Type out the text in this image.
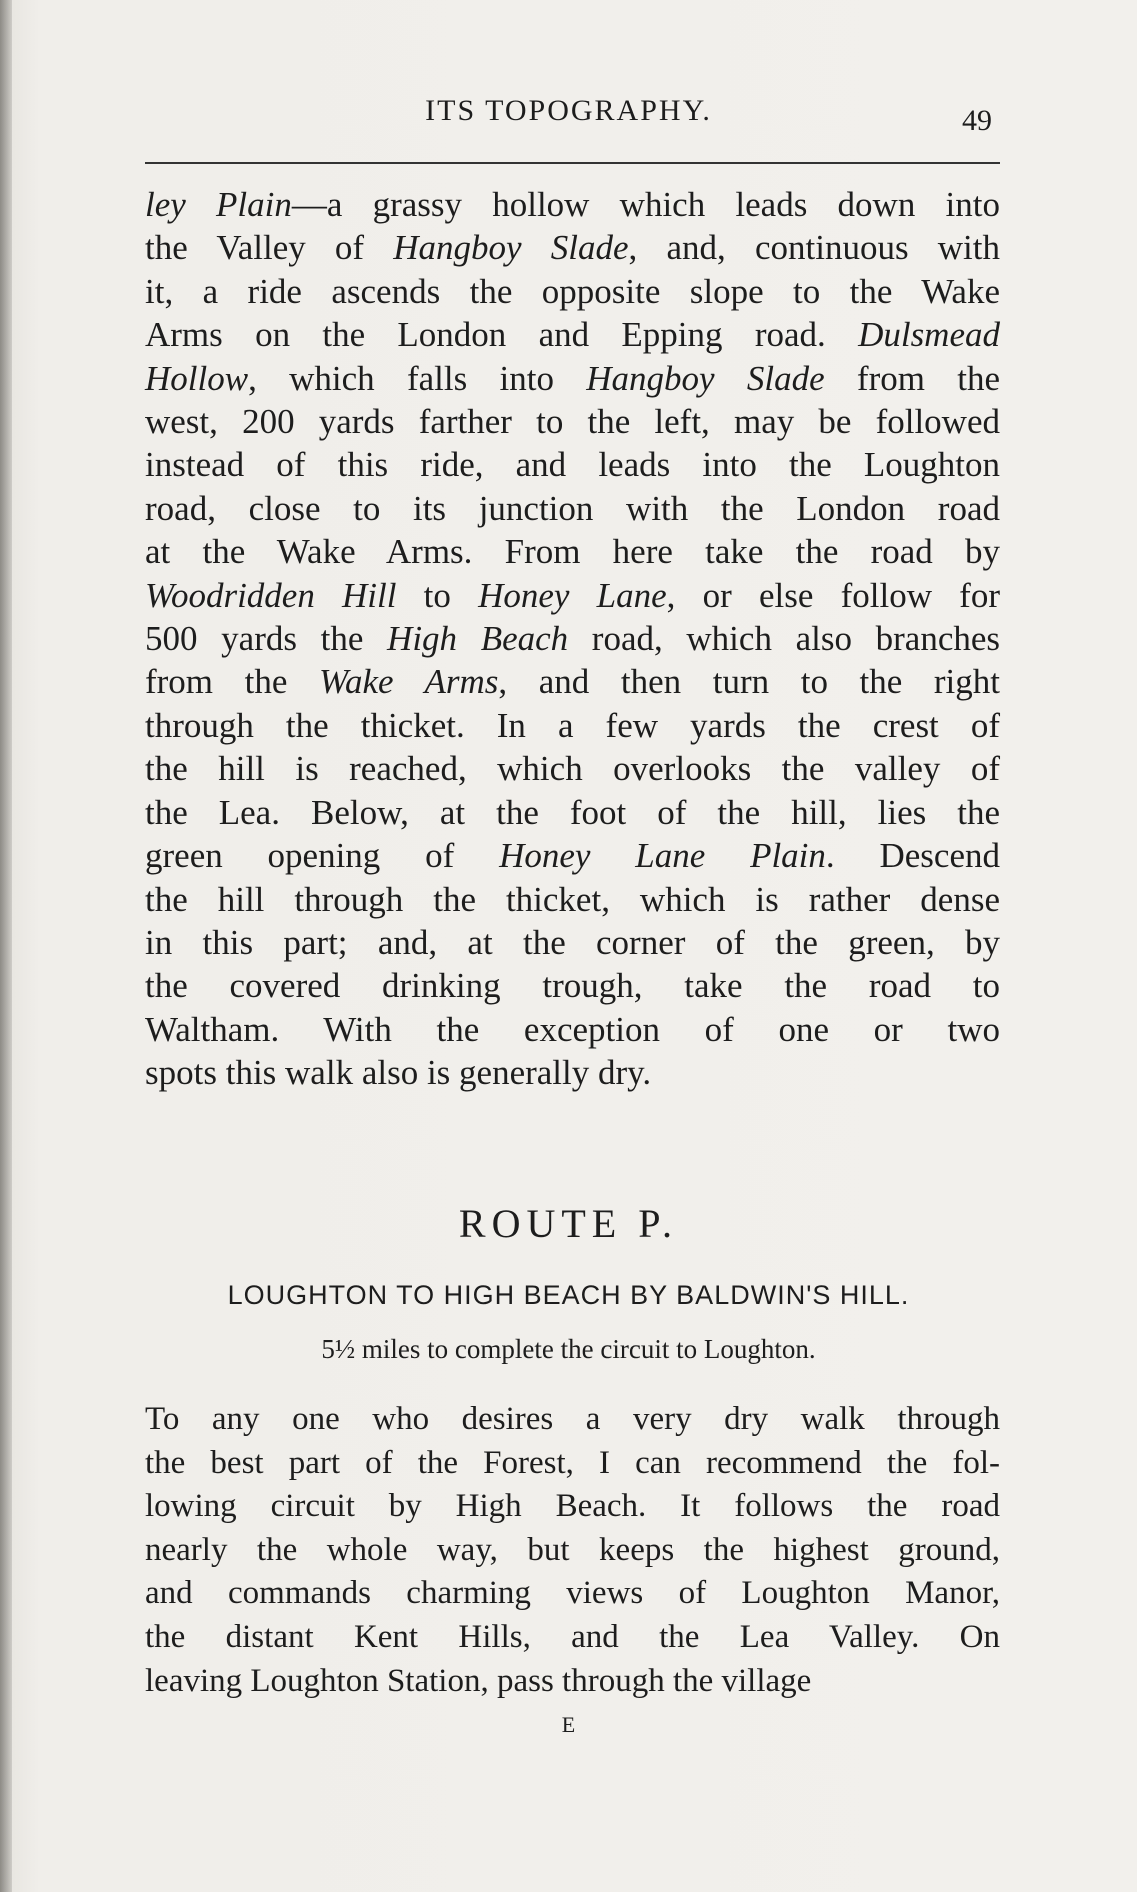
ITS TOPOGRAPHY.	49
ley Plain—a grassy hollow which leads down into
the Valley of Hangboy Slade, and, continuous with
it, a ride ascends the opposite slope to the Wake
Arms on the London and Epping road. Dulsmead
Hollow, which falls into Hangboy Slade from the
west, 200 yards farther to the left, may be followed
instead of this ride, and leads into the Loughton
road, close to its junction with the London road
at the Wake Arms. From here take the road by
Woodridden Hill to Honey Lane, or else follow for
500 yards the High Beach road, which also branches
from the Wake Arms, and then turn to the right
through the thicket. In a few yards the crest of
the hill is reached, which overlooks the valley of
the Lea. Below, at the foot of the hill, lies the
green opening of Honey Lane Plain. Descend
the hill through the thicket, which is rather dense
in this part; and, at the corner of the green, by
the covered drinking trough, take the road to
Waltham. With the exception of one or two
spots this walk also is generally dry.
ROUTE P.
LOUGHTON TO HIGH BEACH BY BALDWIN'S HILL.
5½ miles to complete the circuit to Loughton.
To any one who desires a very dry walk through
the best part of the Forest, I can recommend the fol-
lowing circuit by High Beach. It follows the road
nearly the whole way, but keeps the highest ground,
and commands charming views of Loughton Manor,
the distant Kent Hills, and the Lea Valley. On
leaving Loughton Station, pass through the village
E
